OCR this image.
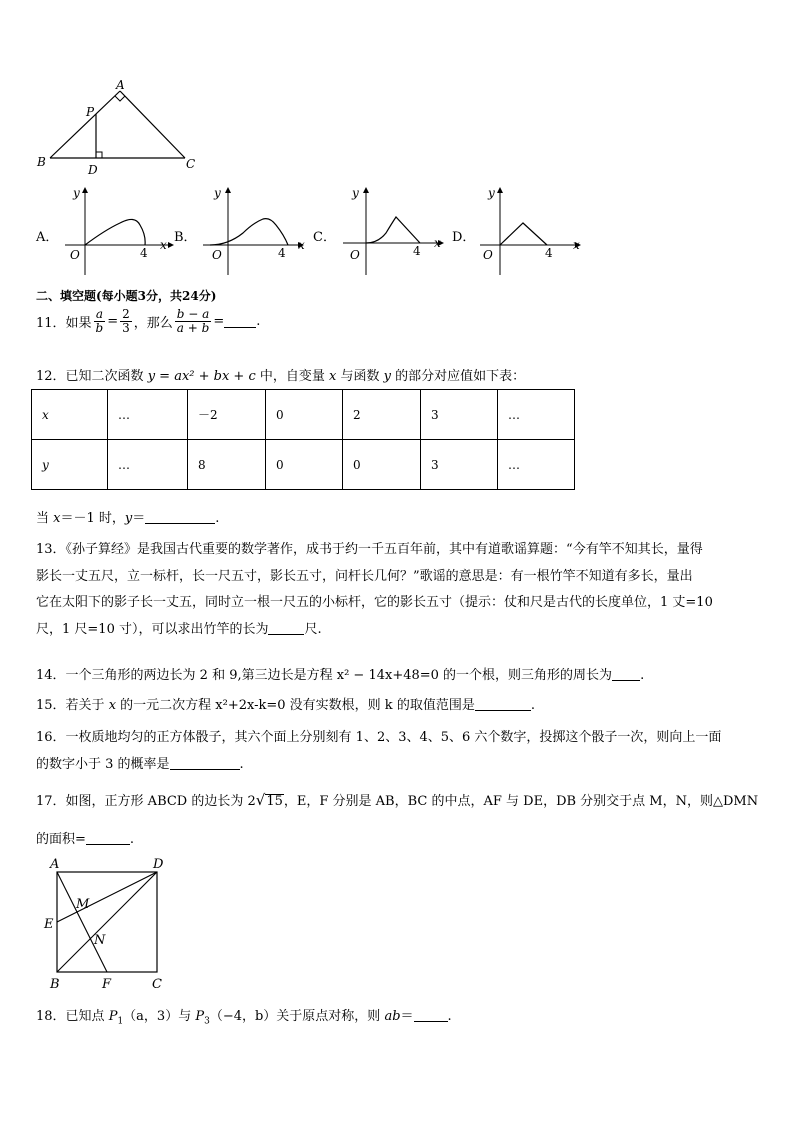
A
P
B
D	C
A．
y
O	4
x B．
y
O	4
x C．
y
O	4
x D．
y
O	4
x
二、填空题(每小题3分，共24分)
11．如果 $\frac{a}{b} = \frac{2}{3}$ ，那么 $\frac{b - a}{a + b}$ = .
12．已知二次函数 y = ax² + bx + c 中，自变量 x 与函数 y 的部分对应值如下表：
x	…	－2	0	2	3	…
y	…	8	0	0	3	…
当 x＝－1 时，y＝	.
13．《孙子算经》是我国古代重要的数学著作，成书于约一千五百年前，其中有道歌谣算题：“今有竿不知其长，量得
影长一丈五尺，立一标杆，长一尺五寸，影长五寸，问杆长几何？”歌谣的意思是：有一根竹竿不知道有多长，量出
它在太阳下的影子长一丈五，同时立一根一尺五的小标杆，它的影长五寸（提示：仗和尺是古代的长度单位，1 丈=10
尺，1 尺=10 寸），可以求出竹竿的长为	尺.
14．一个三角形的两边长为 2 和 9,第三边长是方程 x² − 14x+48=0 的一个根，则三角形的周长为 .
15．若关于 x 的一元二次方程 x²+2x-k=0 没有实数根，则 k 的取值范围是	.
16．一枚质地均匀的正方体骰子，其六个面上分别刻有 1、2、3、4、5、6 六个数字，投掷这个骰子一次，则向上一面
的数字小于 3 的概率是	.
17．如图，正方形 ABCD 的边长为 2√15，E，F 分别是 AB，BC 的中点，AF 与 DE，DB 分别交于点 M，N，则△DMN
的面积=	.
A	D
M
E
N
B	F	C
18．已知点 $P_1(a$，3）与 $P_3(-4$，b）关于原点对称，则 ab＝	.
